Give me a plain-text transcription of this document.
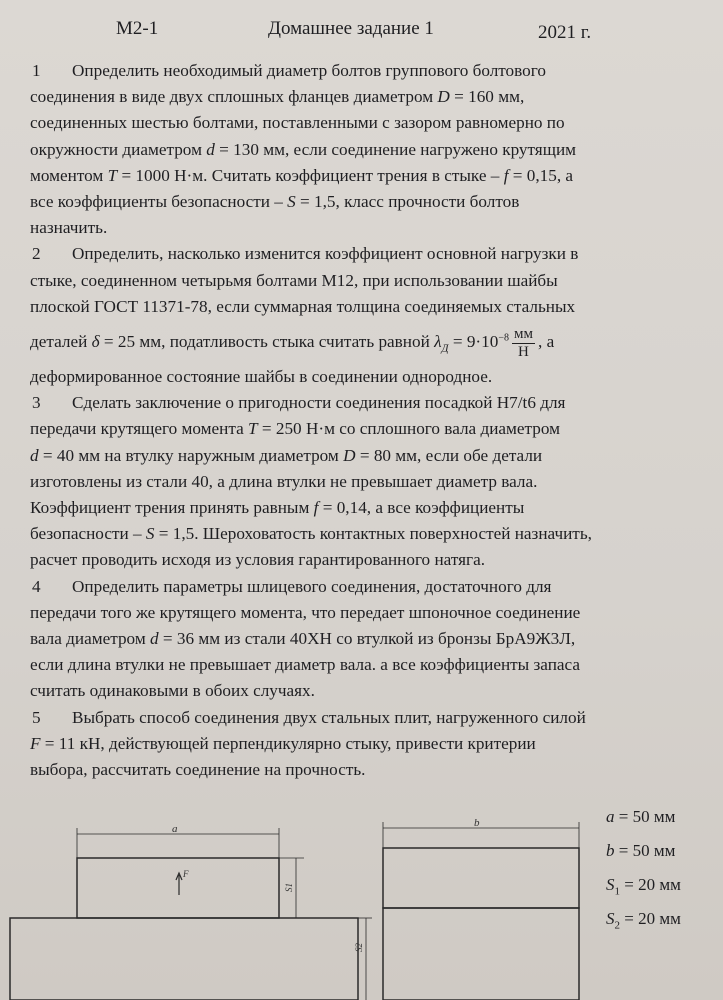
М2-1	Домашнее задание 1	2021 г.

1 Определить необходимый диаметр болтов группового болтового

соединения в виде двух сплошных фланцев диаметром D = 160 мм,

соединенных шестью болтами, поставленными с зазором равномерно по

окружности диаметром d = 130 мм, если соединение нагружено крутящим

моментом T = 1000 Н·м. Считать коэффициент трения в стыке – f = 0,15, а

все коэффициенты безопасности – S = 1,5, класс прочности болтов

назначить.

2 Определить, насколько изменится коэффициент основной нагрузки в

стыке, соединенном четырьмя болтами М12, при использовании шайбы

плоской ГОСТ 11371-78, если суммарная толщина соединяемых стальных

деталей δ = 25 мм, податливость стыка считать равной $\lambda_Д = 9\cdot 10^{-8} \frac{мм}{Н}$ , а

деформированное состояние шайбы в соединении однородное.

3 Сделать заключение о пригодности соединения посадкой H7/t6 для

передачи крутящего момента T = 250 Н·м со сплошного вала диаметром

d = 40 мм на втулку наружным диаметром D = 80 мм, если обе детали

изготовлены из стали 40, а длина втулки не превышает диаметр вала.

Коэффициент трения принять равным f = 0,14, а все коэффициенты

безопасности – S = 1,5. Шероховатость контактных поверхностей назначить,

расчет проводить исходя из условия гарантированного натяга.

4 Определить параметры шлицевого соединения, достаточного для

передачи того же крутящего момента, что передает шпоночное соединение

вала диаметром d = 36 мм из стали 40ХН со втулкой из бронзы БрА9Ж3Л,

если длина втулки не превышает диаметр вала. а все коэффициенты запаса

считать одинаковыми в обоих случаях.

5 Выбрать способ соединения двух стальных плит, нагруженного силой

F = 11 кН, действующей перпендикулярно стыку, привести критерии

выбора, рассчитать соединение на прочность.

a	b
F
S1
S2
a = 50 мм
b = 50 мм
$S_1 = 20$ мм
$S_2 = 20$ мм
